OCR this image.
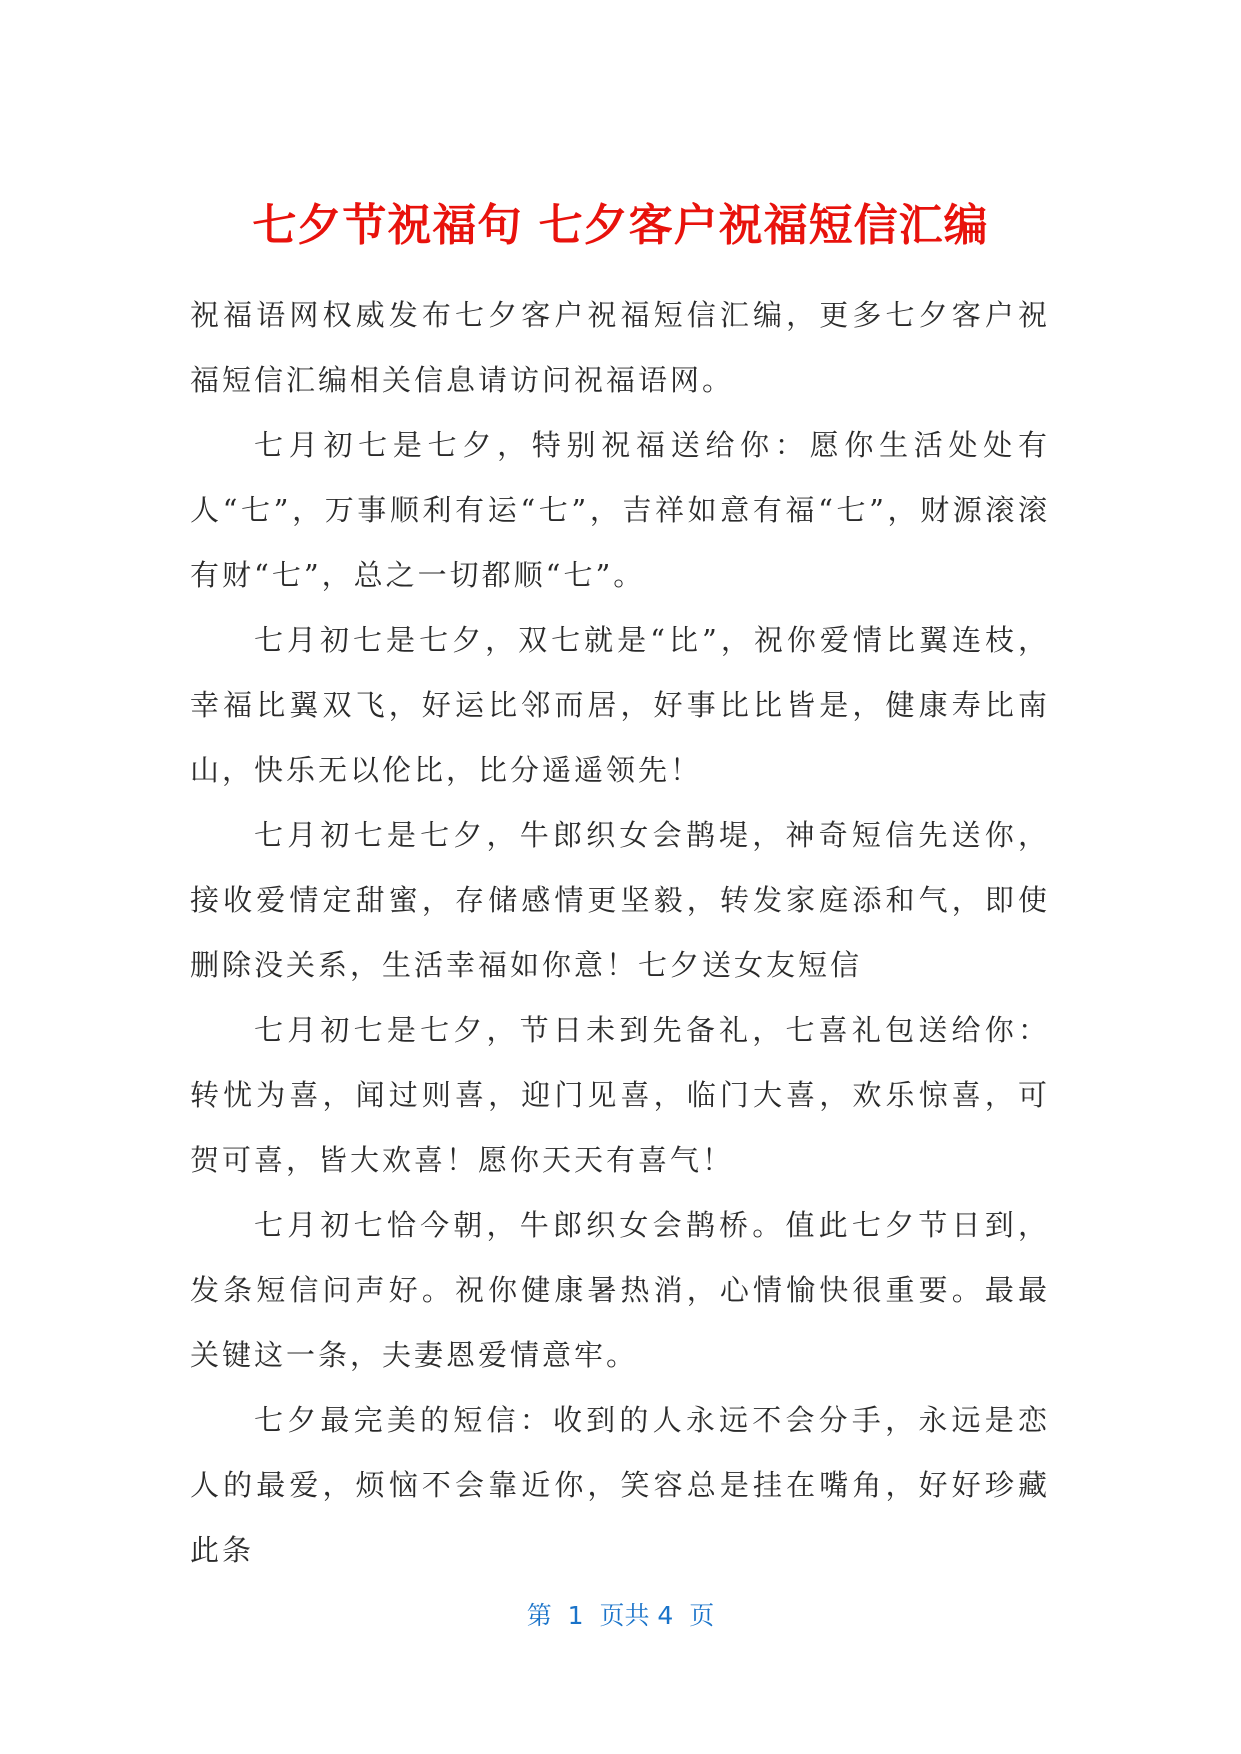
七夕节祝福句 七夕客户祝福短信汇编

祝福语网权威发布七夕客户祝福短信汇编，更多七夕客户祝福短信汇编相关信息请访问祝福语网。

七月初七是七夕，特别祝福送给你：愿你生活处处有人“七”，万事顺利有运“七”，吉祥如意有福“七”，财源滚滚有财“七”，总之一切都顺“七”。

七月初七是七夕，双七就是“比”，祝你爱情比翼连枝，幸福比翼双飞，好运比邻而居，好事比比皆是，健康寿比南山，快乐无以伦比，比分遥遥领先！

七月初七是七夕，牛郎织女会鹊堤，神奇短信先送你，接收爱情定甜蜜，存储感情更坚毅，转发家庭添和气，即使删除没关系，生活幸福如你意！七夕送女友短信

七月初七是七夕，节日未到先备礼，七喜礼包送给你：转忧为喜，闻过则喜，迎门见喜，临门大喜，欢乐惊喜，可贺可喜，皆大欢喜！愿你天天有喜气！

七月初七恰今朝，牛郎织女会鹊桥。值此七夕节日到，发条短信问声好。祝你健康暑热消，心情愉快很重要。最最关键这一条，夫妻恩爱情意牢。

七夕最完美的短信：收到的人永远不会分手，永远是恋人的最爱，烦恼不会靠近你，笑容总是挂在嘴角，好好珍藏此条

第  1  页共 4  页
